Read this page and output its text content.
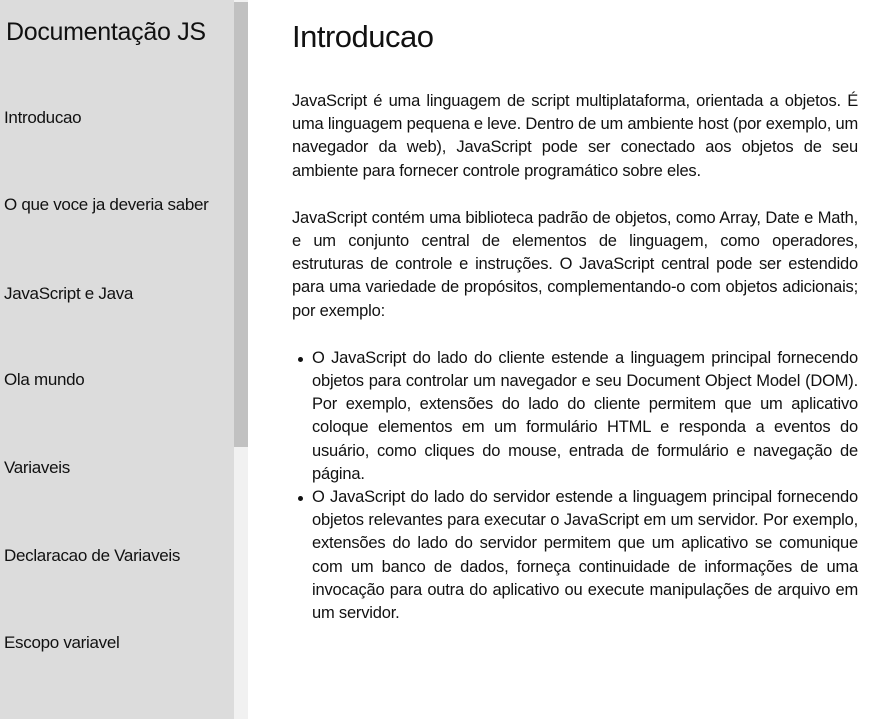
Documentação JS
Introducao
O que voce ja deveria saber
JavaScript e Java
Ola mundo
Variaveis
Declaracao de Variaveis
Escopo variavel
Introducao

JavaScript é uma linguagem de script multiplataforma, orientada a objetos. É uma linguagem pequena e leve. Dentro de um ambiente host (por exemplo, um navegador da web), JavaScript pode ser conectado aos objetos de seu ambiente para fornecer controle programático sobre eles.

JavaScript contém uma biblioteca padrão de objetos, como Array, Date e Math, e um conjunto central de elementos de linguagem, como operadores, estruturas de controle e instruções. O JavaScript central pode ser estendido para uma variedade de propósitos, complementando-o com objetos adicionais; por exemplo:

O JavaScript do lado do cliente estende a linguagem principal fornecendo objetos para controlar um navegador e seu Document Object Model (DOM). Por exemplo, extensões do lado do cliente permitem que um aplicativo coloque elementos em um formulário HTML e responda a eventos do usuário, como cliques do mouse, entrada de formulário e navegação de página.
O JavaScript do lado do servidor estende a linguagem principal fornecendo objetos relevantes para executar o JavaScript em um servidor. Por exemplo, extensões do lado do servidor permitem que um aplicativo se comunique com um banco de dados, forneça continuidade de informações de uma invocação para outra do aplicativo ou execute manipulações de arquivo em um servidor.
